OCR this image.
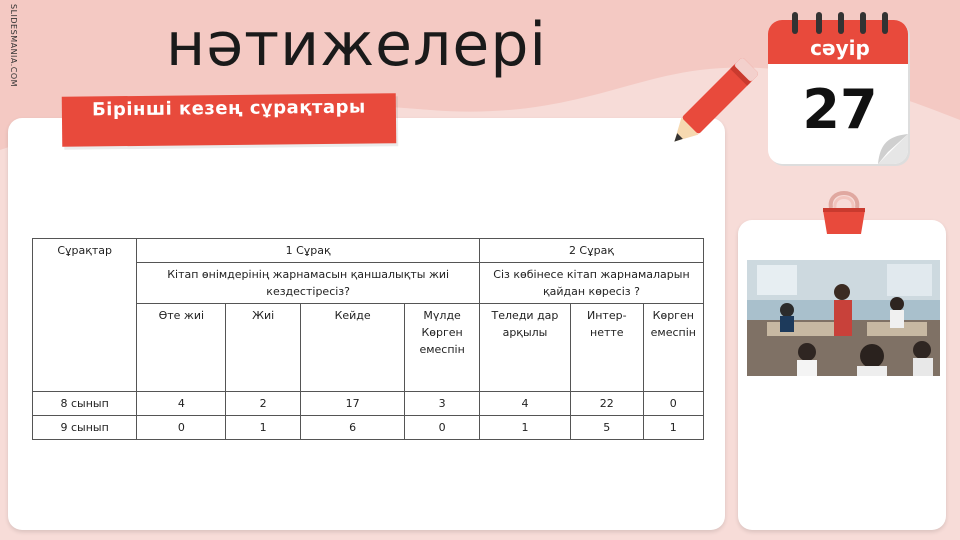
SLIDESMANIA.COM нәтижелері
Бірінші кезең сұрақтары
сәуір
27
Сұрақтар	1 Сұрақ				2 Сұрақ		
	Кітап өнімдерінің жарнамасын қаншалықты жиі кездестіресіз?				Сіз көбінесе кітап жарнамаларын қайдан көресіз ?		
	Өте жиі	Жиі	Кейде	Мүлде Көрген емеспін	Теледи дар арқылы	Интер-нетте	Көрген емеспін
8 сынып	4	2	17	3	4	22	0
9 сынып	0	1	6	0	1	5	1
